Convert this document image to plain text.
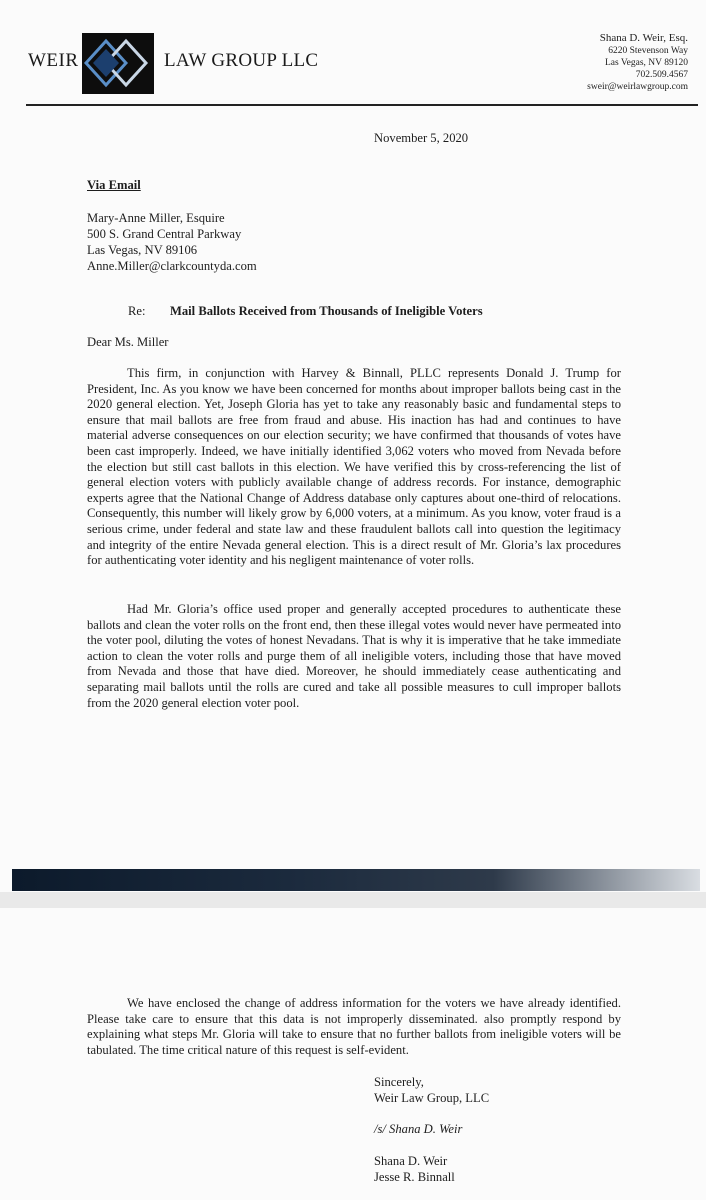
WEIR	LAW GROUP LLC
Shana D. Weir, Esq.
6220 Stevenson Way
Las Vegas, NV 89120
702.509.4567
sweir@weirlawgroup.com
November 5, 2020
Via Email
Mary-Anne Miller, Esquire
500 S. Grand Central Parkway
Las Vegas, NV 89106
Anne.Miller@clarkcountyda.com
Re: Mail Ballots Received from Thousands of Ineligible Voters
Dear Ms. Miller
This firm, in conjunction with Harvey & Binnall, PLLC represents Donald J. Trump for President, Inc. As you know we have been concerned for months about improper ballots being cast in the 2020 general election. Yet, Joseph Gloria has yet to take any reasonably basic and fundamental steps to ensure that mail ballots are free from fraud and abuse. His inaction has had and continues to have material adverse consequences on our election security; we have confirmed that thousands of votes have been cast improperly. Indeed, we have initially identified 3,062 voters who moved from Nevada before the election but still cast ballots in this election. We have verified this by cross-referencing the list of general election voters with publicly available change of address records. For instance, demographic experts agree that the National Change of Address database only captures about one-third of relocations. Consequently, this number will likely grow by 6,000 voters, at a minimum. As you know, voter fraud is a serious crime, under federal and state law and these fraudulent ballots call into question the legitimacy and integrity of the entire Nevada general election. This is a direct result of Mr. Gloria’s lax procedures for authenticating voter identity and his negligent maintenance of voter rolls.
Had Mr. Gloria’s office used proper and generally accepted procedures to authenticate these ballots and clean the voter rolls on the front end, then these illegal votes would never have permeated into the voter pool, diluting the votes of honest Nevadans. That is why it is imperative that he take immediate action to clean the voter rolls and purge them of all ineligible voters, including those that have moved from Nevada and those that have died. Moreover, he should immediately cease authenticating and separating mail ballots until the rolls are cured and take all possible measures to cull improper ballots from the 2020 general election voter pool.
We have enclosed the change of address information for the voters we have already identified. Please take care to ensure that this data is not improperly disseminated. also promptly respond by explaining what steps Mr. Gloria will take to ensure that no further ballots from ineligible voters will be tabulated. The time critical nature of this request is self-evident.
Sincerely,
Weir Law Group, LLC
/s/ Shana D. Weir
Shana D. Weir
Jesse R. Binnall
